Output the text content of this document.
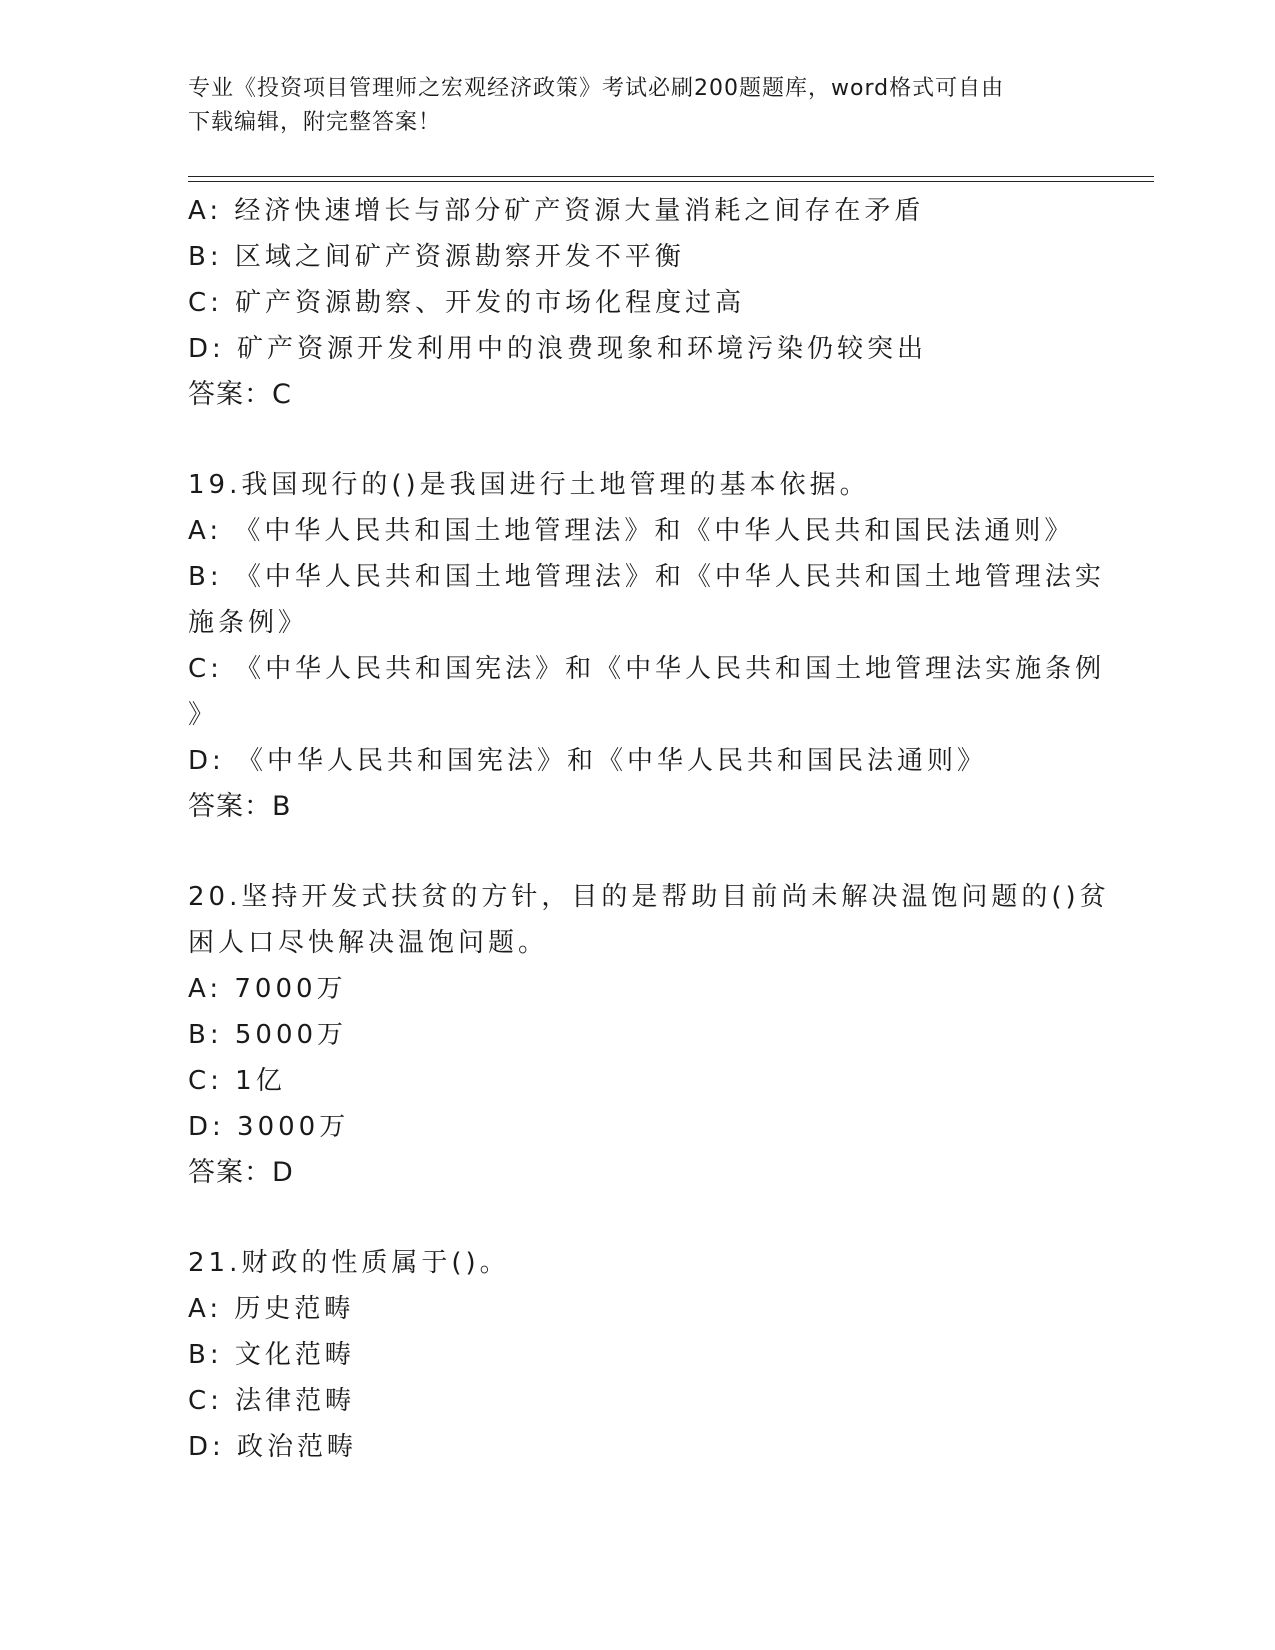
专业《投资项目管理师之宏观经济政策》考试必刷200题题库，word格式可自由
下载编辑，附完整答案！
A: 经济快速增长与部分矿产资源大量消耗之间存在矛盾
B: 区域之间矿产资源勘察开发不平衡
C: 矿产资源勘察、开发的市场化程度过高
D: 矿产资源开发利用中的浪费现象和环境污染仍较突出
答案：C
19.我国现行的()是我国进行土地管理的基本依据。
A: 《中华人民共和国土地管理法》和《中华人民共和国民法通则》
B: 《中华人民共和国土地管理法》和《中华人民共和国土地管理法实
施条例》
C: 《中华人民共和国宪法》和《中华人民共和国土地管理法实施条例
》
D: 《中华人民共和国宪法》和《中华人民共和国民法通则》
答案：B
20.坚持开发式扶贫的方针，目的是帮助目前尚未解决温饱问题的()贫
困人口尽快解决温饱问题。
A: 7000万
B: 5000万
C: 1亿
D: 3000万
答案：D
21.财政的性质属于()。
A: 历史范畴
B: 文化范畴
C: 法律范畴
D: 政治范畴
